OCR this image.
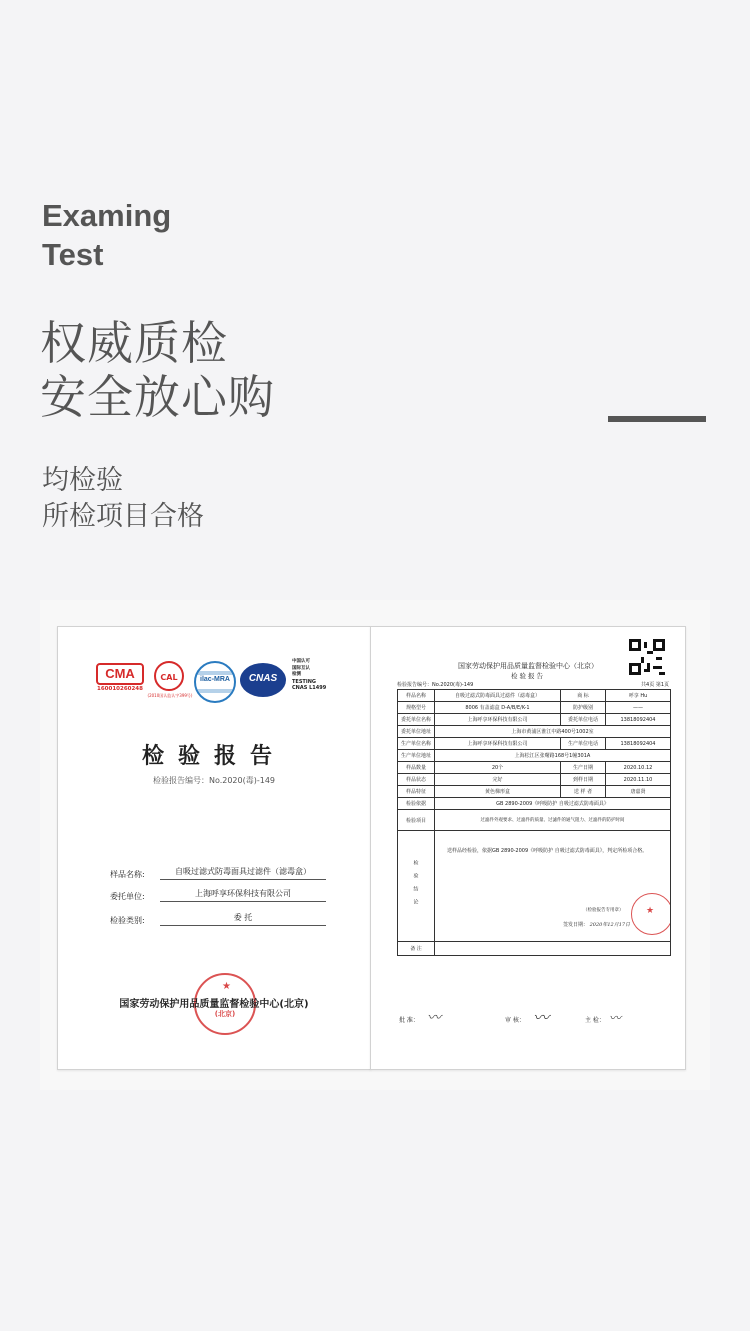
Examing
Test
权威质检
安全放心购
均检验
所检项目合格
CMA
160010260248
CAL
(2010国认监认字399号)
ilac-MRA	CNAS
中国认可
国际互认
检测
TESTING
CNAS L1499
检验报告
检验报告编号：No.2020(毒)-149
样品名称:	自吸过滤式防毒面具过滤件（滤毒盒）
委托单位:	上海呼享环保科技有限公司
检验类别:	委 托
★
(北京)
国家劳动保护用品质量监督检验中心(北京)
国家劳动保护用品质量监督检验中心（北京）
检验报告
检验报告编号：No.2020(毒)-149	共4页 第1页
样品名称	自吸过滤式防毒面具过滤件（滤毒盒）	商 标	呼享 Hu
规格型号	8006 有盖滤盒 D-A/B/E/K-1	防护级别	——
委托单位名称	上海呼享环保科技有限公司	委托单位电话	13818092404
委托单位地址	上海市黄浦区淮江中路400号1002室
生产单位名称	上海呼享环保科技有限公司	生产单位电话	13818092404
生产单位地址	上海松江区张曙路168号1幢301A
样品数量	20个	生产日期	2020.10.12
样品状态	完好	到样日期	2020.11.10
样品特征	黄色梯形盒	送 样 者	唐嘉贤
检验依据	GB 2890-2009《呼吸防护 自吸过滤式防毒面具》
检验项目	过滤件外观要求、过滤件的质量、过滤件的通气阻力、过滤件的防护时间
检验结论
送样品经检验，依据GB 2890-2009《呼吸防护 自吸过滤式防毒面具》，判定所检项合格。
（检验报告专用章）
签发日期： 2020年12月17日
★
备 注
批 准： 〰	审 核： 〰	主 检： 〰
